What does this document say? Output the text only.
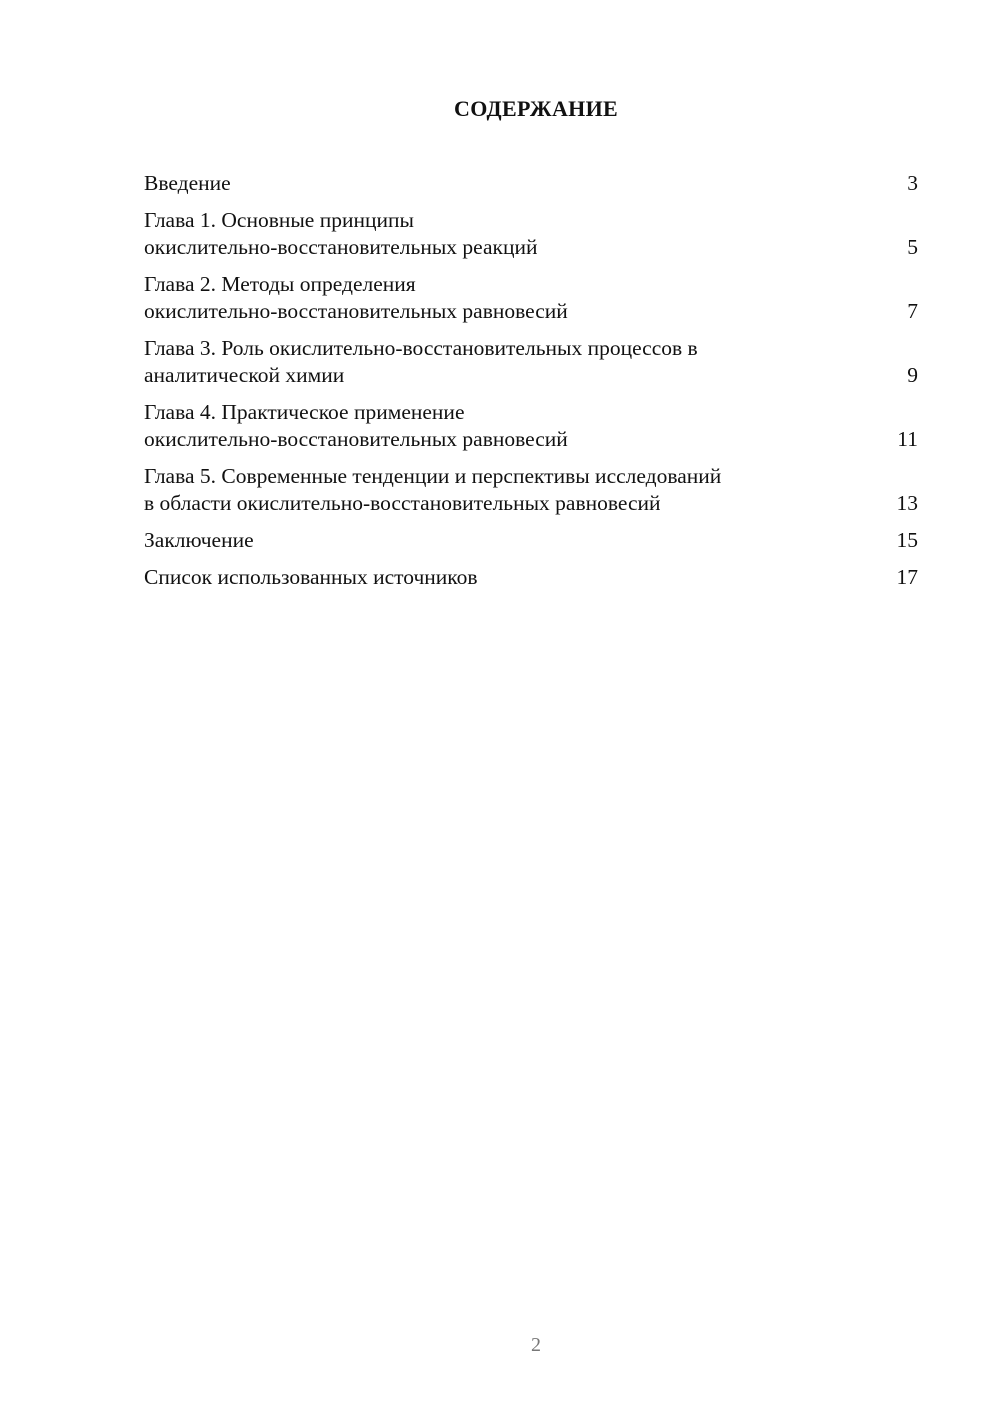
СОДЕРЖАНИЕ
Введение	3
Глава 1. Основные принципы
окислительно-восстановительных реакций	5
Глава 2. Методы определения
окислительно-восстановительных равновесий	7
Глава 3. Роль окислительно-восстановительных процессов в
аналитической химии	9
Глава 4. Практическое применение
окислительно-восстановительных равновесий	11
Глава 5. Современные тенденции и перспективы исследований
в области окислительно-восстановительных равновесий	13
Заключение	15
Список использованных источников	17
2
